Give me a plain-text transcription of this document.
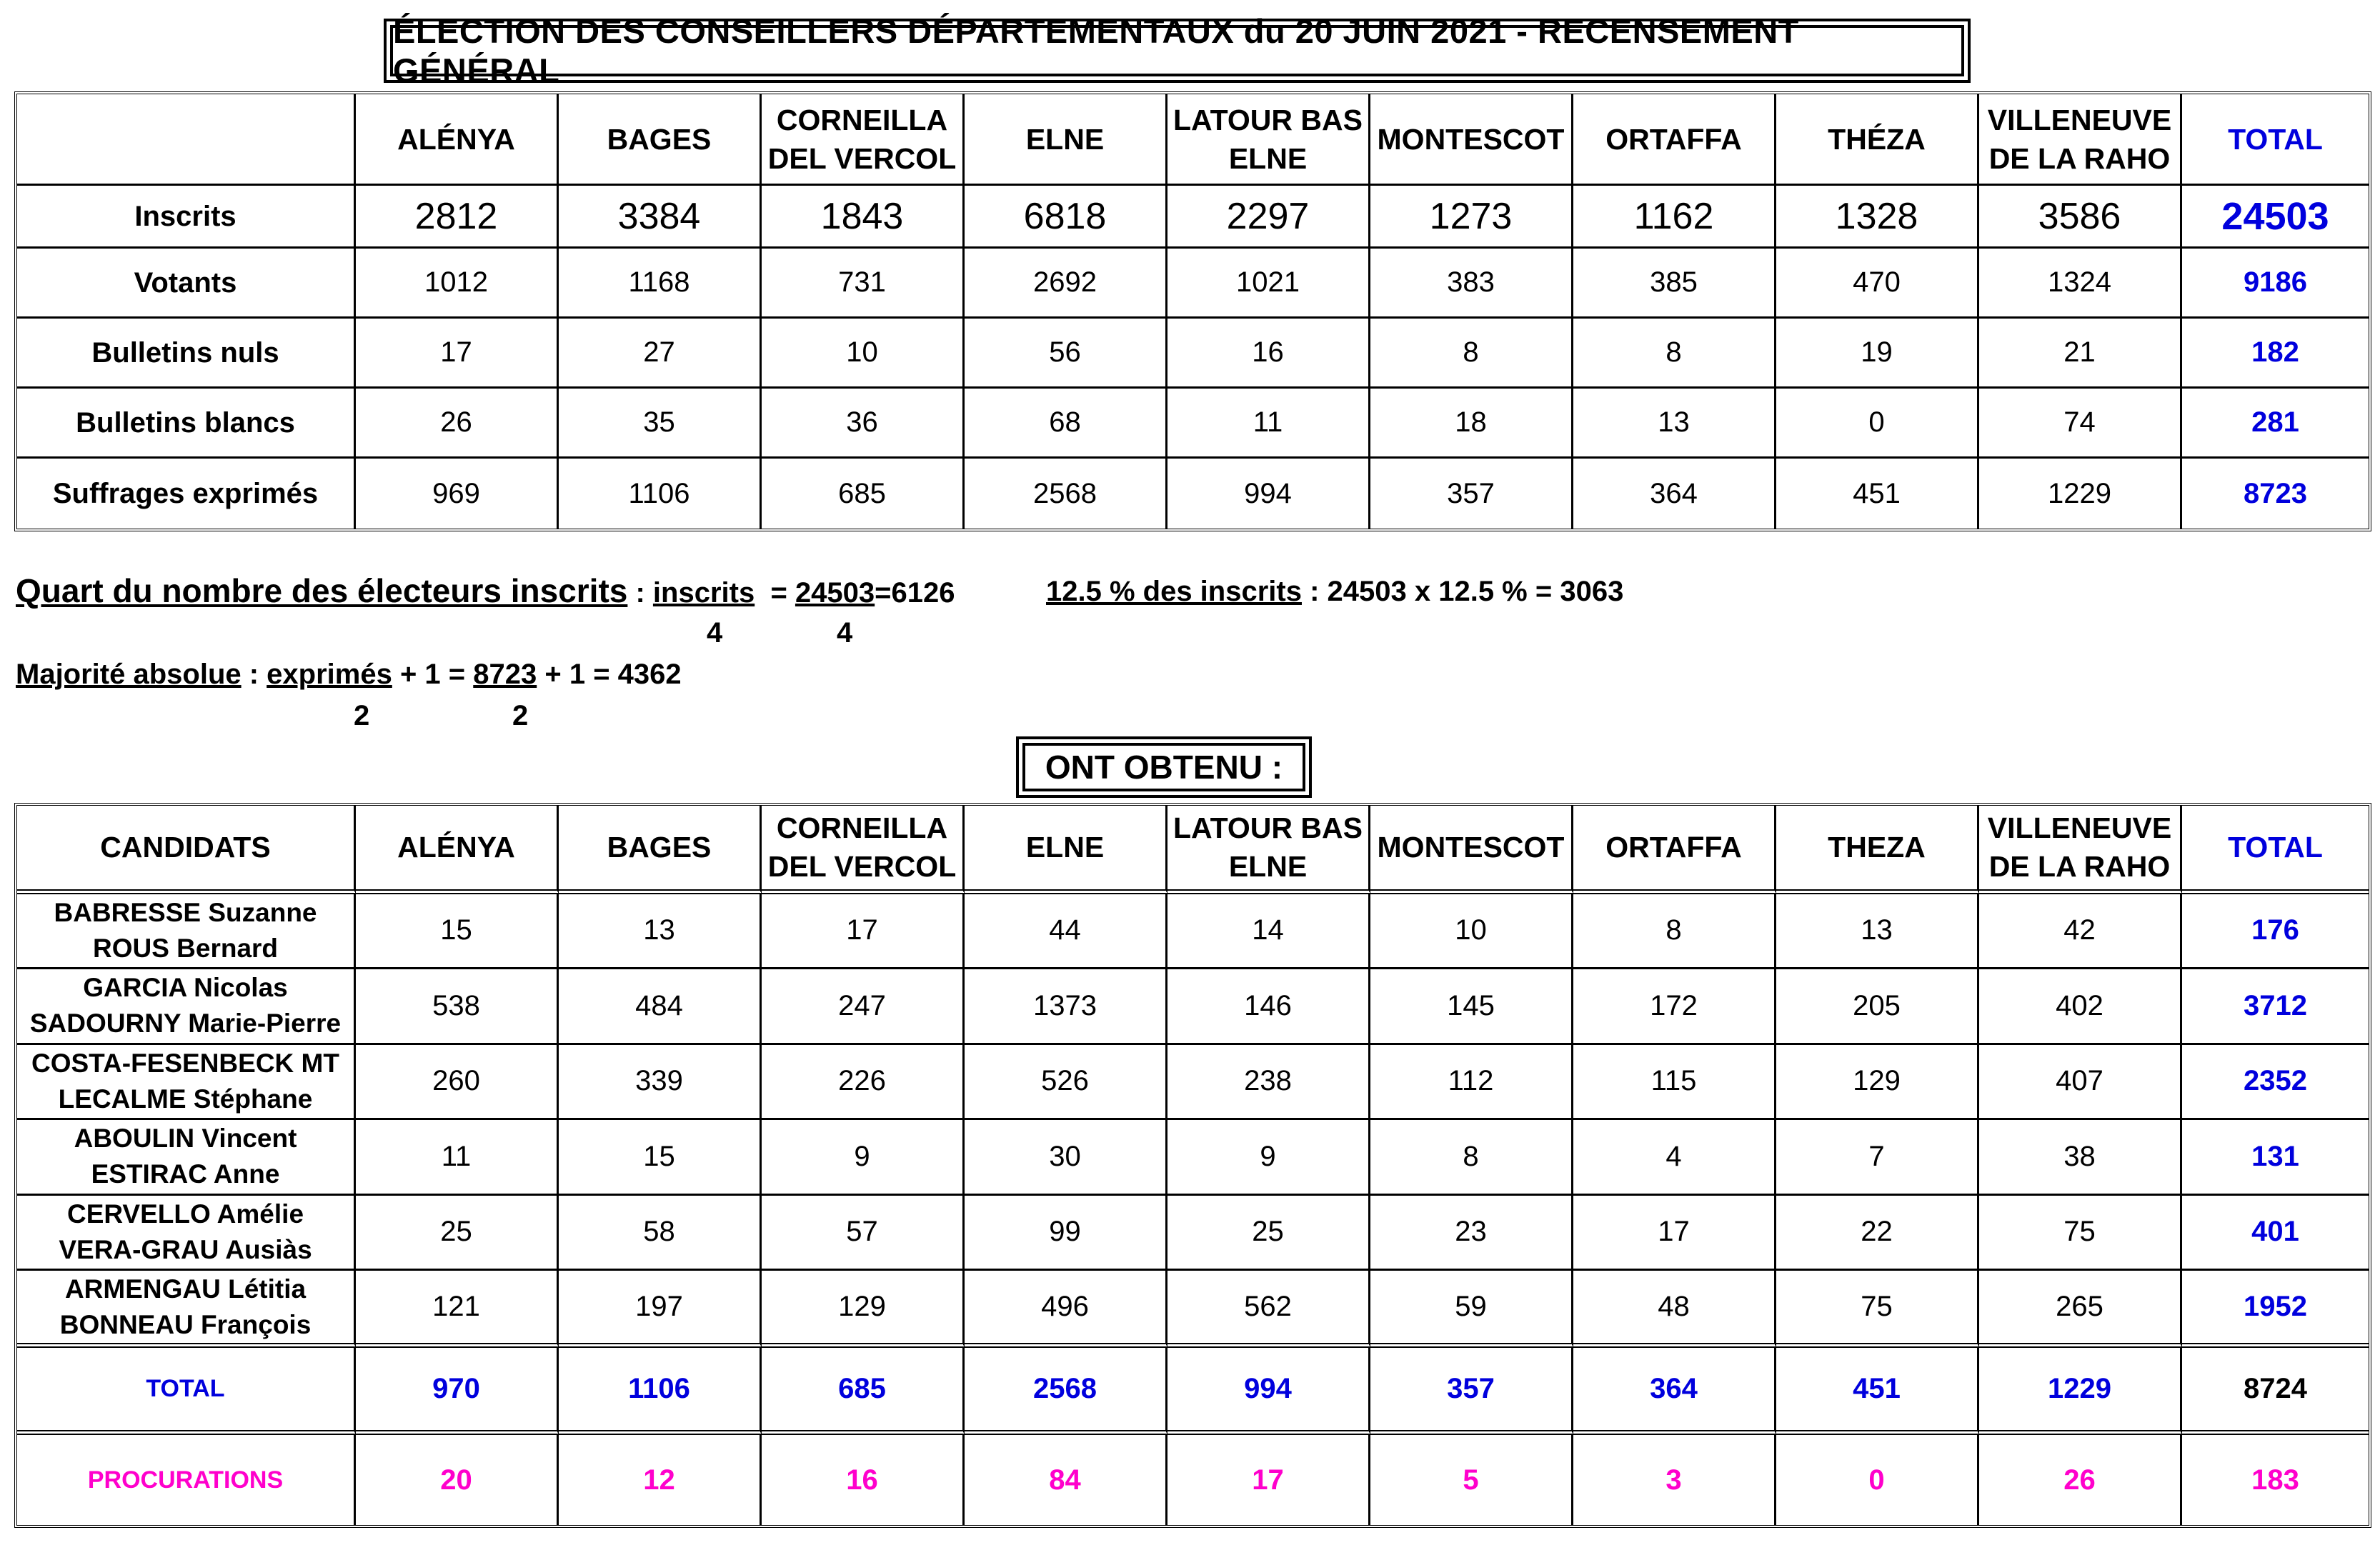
ÉLECTION DES CONSEILLERS DÉPARTEMENTAUX du 20 JUIN 2021 - RECENSEMENT GÉNÉRAL
	ALÉNYA	BAGES	CORNEILLA DEL VERCOL	ELNE	LATOUR BAS ELNE	MONTESCOT	ORTAFFA	THÉZA	VILLENEUVE DE LA RAHO	TOTAL
Inscrits	2812	3384	1843	6818	2297	1273	1162	1328	3586	24503
Votants	1012	1168	731	2692	1021	383	385	470	1324	9186
Bulletins nuls	17	27	10	56	16	8	8	19	21	182
Bulletins blancs	26	35	36	68	11	18	13	0	74	281
Suffrages exprimés	969	1106	685	2568	994	357	364	451	1229	8723
Quart du nombre des électeurs inscrits : inscrits = 24503=6126
4	4
12.5 % des inscrits : 24503 x 12.5 % = 3063
Majorité absolue : exprimés + 1 = 8723 + 1 = 4362
2	2
ONT OBTENU :
CANDIDATS	ALÉNYA	BAGES	CORNEILLA DEL VERCOL	ELNE	LATOUR BAS ELNE	MONTESCOT	ORTAFFA	THEZA	VILLENEUVE DE LA RAHO	TOTAL

BABRESSE Suzanne
ROUS Bernard	15	13	17	44	14	10	8	13	42	176

GARCIA Nicolas
SADOURNY Marie-Pierre	538	484	247	1373	146	145	172	205	402	3712

COSTA-FESENBECK MT
LECALME Stéphane	260	339	226	526	238	112	115	129	407	2352

ABOULIN Vincent
ESTIRAC Anne	11	15	9	30	9	8	4	7	38	131

CERVELLO Amélie
VERA-GRAU Ausiàs	25	58	57	99	25	23	17	22	75	401

ARMENGAU Létitia
BONNEAU François	121	197	129	496	562	59	48	75	265	1952
TOTAL	970	1106	685	2568	994	357	364	451	1229	8724
PROCURATIONS	20	12	16	84	17	5	3	0	26	183
